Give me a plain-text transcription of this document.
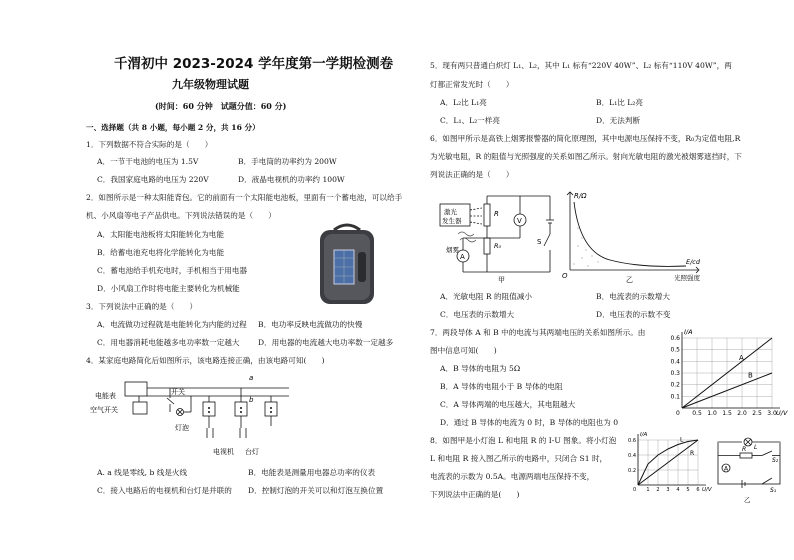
千渭初中 2023-2024 学年度第一学期检测卷
九年级物理试题
(时间：60 分钟　试题分值：60 分)
一、选择题（共 8 小题，每小题 2 分，共 16 分）
1．下列数据不符合实际的是（　　）
A．一节干电池的电压为 1.5V	B．手电筒的功率约为 200W
C．我国家庭电路的电压为 220V	D．液晶电视机的功率约 100W
2．如图所示是一种太阳能背包。它的前面有一个太阳能电池板，里面有一个蓄电池，可以给手
机、小风扇等电子产品供电。下列说法错误的是（　　）
A．太阳能电池板将太阳能转化为电能
B．给蓄电池充电将化学能转化为电能
C．蓄电池给手机充电时，手机相当于用电器
D．小风扇工作时将电能主要转化为机械能
3．下列说法中正确的是（　　）
A．电流做功过程就是电能转化为内能的过程 B．电功率反映电流做功的快慢
C．用电器消耗电能越多电功率数一定越大 D．用电器的电流越大电功率数一定越多
4．某家庭电路简化后如图所示，该电路连接正确，由该电路可知(　　)
a
b
电能表
空气开关
开关
灯泡
电视机 台灯
A. a 线是零线, b 线是火线	B．电能表是测量用电器总功率的仪表
C．接入电路后的电视机和台灯是并联的 D．控制灯泡的开关可以和灯泡互换位置
5．现有两只普通白炽灯 L₁、L₂，其中 L₁ 标有“220V 40W”、L₂ 标有“110V 40W”，两
灯都正常发光时（　　）
A．L₂比 L₁亮	B．L₁比 L₂亮
C．L₁、L₂一样亮	D．无法判断
6．如图甲所示是高铁上烟雾报警器的简化原理图，其中电源电压保持不变，R₀为定值电阻,R
为光敏电阻，R 的阻值与光照强度的关系如图乙所示。射向光敏电阻的激光被烟雾遮挡时，下
列说法正确的是（　　）
激光
发生器
R
V
R₀	S
A
烟雾
甲
R/Ω
E/cd
光照强度
O	乙
A．光敏电阻 R 的阻值减小	B．电流表的示数增大
C．电压表的示数增大	D．电压表的示数不变
7．两段导体 A 和 B 中的电流与其两端电压的关系如图所示。由
图中信息可知(　　)
A．B 导体的电阻为 5Ω
B．A 导体的电阻小于 B 导体的电阻
C．A 导体两端的电压越大，其电阻越大
D．通过 B 导体的电流为 0 时，B 导体的电阻也为 0
0.6
0.5
0.4
0.3
0.2
0.1
0.5 1.0 1.5 2.0 2.5 3.0
0
I/A
U/V
A
B
8．如图甲是小灯泡 L 和电阻 R 的 I-U 图象。将小灯泡
L 和电阻 R 接入图乙所示的电路中，只闭合 S1 时，
电流表的示数为 0.5A。电源两端电压保持不变，
下列说法中正确的是(　　)
0.6
0.4
0.2
1 2 3 4 5 6
0
I/A
U/V
L
R
A
R L
S₂
S₁
乙
